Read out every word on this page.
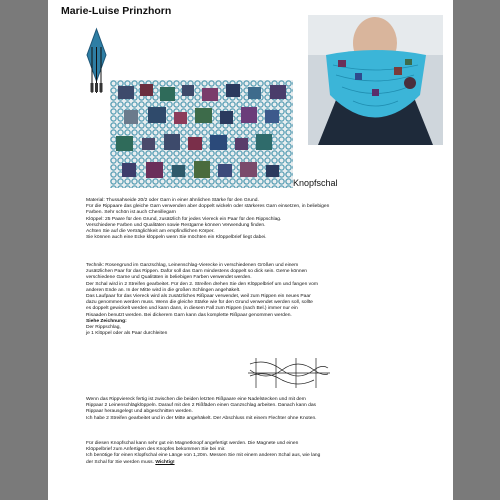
Marie-Luise Prinzhorn
Knopfschal

Material: Thussahseide 20/2 oder Garn in einer ähnlichen Stärke für den Grund.

Für die Rippaare das gleiche Garn verwenden aber doppelt wickeln oder stärkeres Garn einsetzen, in beliebigen

Farben. Sehr schön ist auch Chenillegarn

Klöppel: 25 Paare für den Grund, zusätzlich für jedes Viereck ein Paar für den Rippschlag.

Verschiedene Farben und Qualitäten sowie Restgarne können Verwendung finden.

Achten Sie auf die Verträglichkeit am empfindlichen Körper.

Sie können auch eine Ecke klöppeln wenn Sie möchten ein Klöppelbrief liegt dabei.

Technik: Rosengrund im Ganzschlag, Leinenschlag-Vierecke in verschiedenen Größen und einem

zusätzlichen Paar für das Rippen. Dafür soll das Garn mindestens doppelt so dick sein. Gerne können

verschiedene Garne und Qualitäten in beliebigen Farben verwendet werden.

Der Schal wird in 2 Streifen gearbeitet. Für den 2. Streifen drehen Sie den Klöppelbrief um und fangen vom

anderen Ende an. In der Mitte wird in die großen Schlingen angehäkelt.

Das Laufpaar für das Viereck wird als zusätzliches Rißpaar verwendet, weil zum Rippen ein neues Paar

dazu genommen werden muss. Wenn die gleiche Stärke wie für den Grund verwendet werden soll, sollte

es doppelt gewickelt werden und kann dann, in diesem Fall zum Rippen (nach Bel.) immer nur ein

Risaaden benutzt werden. Bei dickerem Garn kann das komplette Rißpaar genommen werden.

Siehe Zeichnung:

Der Rippschlag,

je 1 Klöppel oder als Paar durchleiten

Wenn das Rippviereck fertig ist zwischen die beiden letzten Rißpaare eine Nadelstecken und mit dem

Rippaar 2 Leinenschlägklöppeln. Darauf mit den 2 Rißfäden einen Ganzschlag arbeiten. Danach kann das

Rippaar herausgelegt und abgeschnitten werden.

Ich habe 2 Streifen gearbeitet und in der Mitte angehäkelt. Der Abschluss mit einem Flechter ohne Knoten.

Für diesen Knopfschal kann sehr gut ein Magnetknopf angefertigt werden. Die Magnete und einen

Klöppelbrief zum Anfertigen des Knopfes bekommen Sie bei mir.

Ich benötige für einen Klopfschal eine Länge von 1,20m. Messen Sie mit einem anderen Schal aus, wie lang

der Schal für Sie werden muss. Wichtig!
